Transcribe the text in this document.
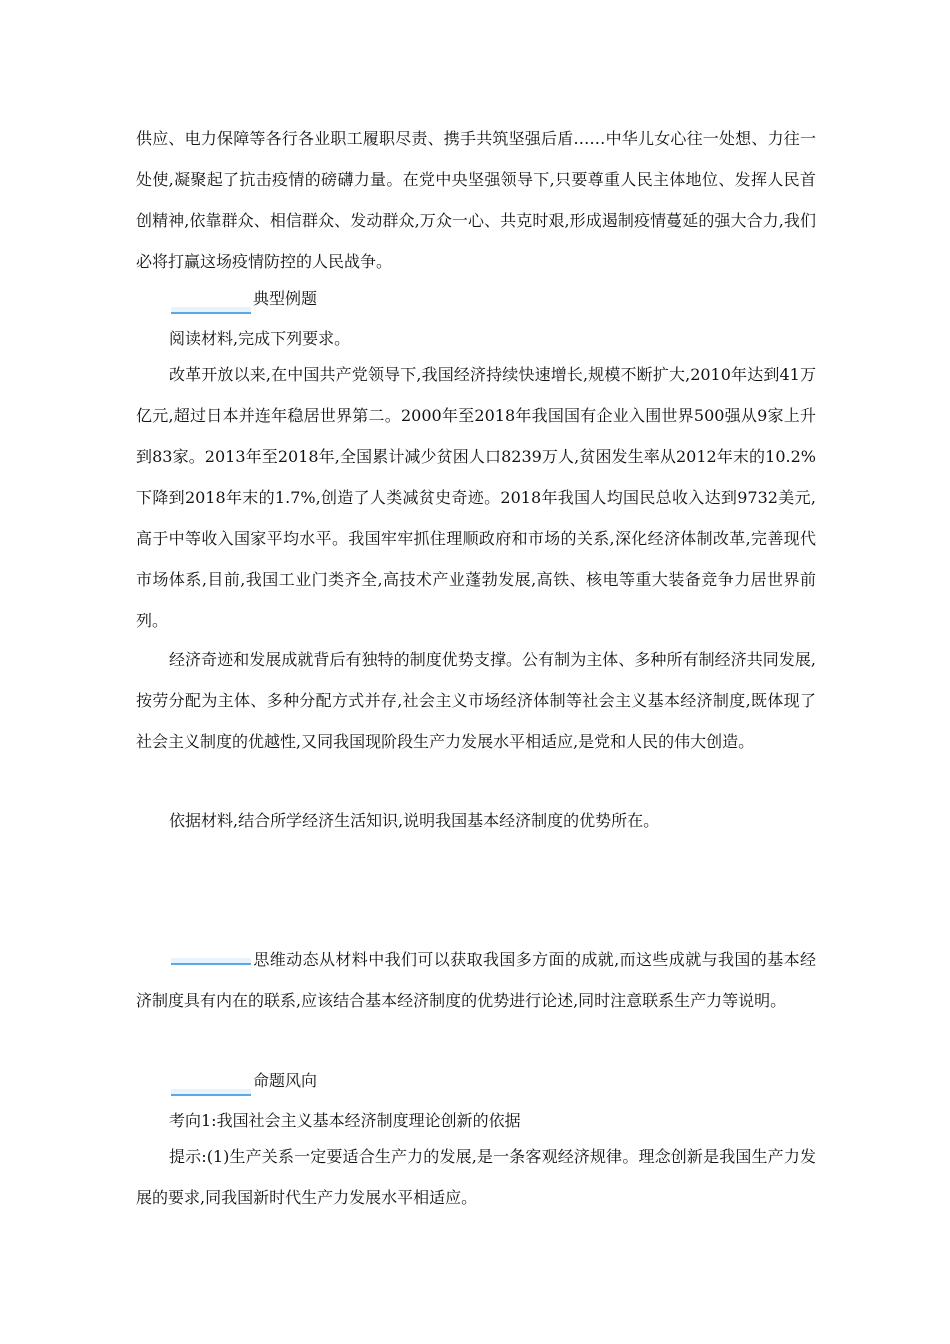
供应、电力保障等各行各业职工履职尽责、携手共筑坚强后盾……中华儿女心往一处想、力往一处使,凝聚起了抗击疫情的磅礴力量。在党中央坚强领导下,只要尊重人民主体地位、发挥人民首创精神,依靠群众、相信群众、发动群众,万众一心、共克时艰,形成遏制疫情蔓延的强大合力,我们必将打赢这场疫情防控的人民战争。

典型例题

阅读材料,完成下列要求。

改革开放以来,在中国共产党领导下,我国经济持续快速增长,规模不断扩大,2010年达到41万亿元,超过日本并连年稳居世界第二。2000年至2018年我国国有企业入围世界500强从9家上升到83家。2013年至2018年,全国累计减少贫困人口8239万人,贫困发生率从2012年末的10.2%下降到2018年末的1.7%,创造了人类减贫史奇迹。2018年我国人均国民总收入达到9732美元,高于中等收入国家平均水平。我国牢牢抓住理顺政府和市场的关系,深化经济体制改革,完善现代市场体系,目前,我国工业门类齐全,高技术产业蓬勃发展,高铁、核电等重大装备竞争力居世界前列。

经济奇迹和发展成就背后有独特的制度优势支撑。公有制为主体、多种所有制经济共同发展,按劳分配为主体、多种分配方式并存,社会主义市场经济体制等社会主义基本经济制度,既体现了社会主义制度的优越性,又同我国现阶段生产力发展水平相适应,是党和人民的伟大创造。

依据材料,结合所学经济生活知识,说明我国基本经济制度的优势所在。

思维动态从材料中我们可以获取我国多方面的成就,而这些成就与我国的基本经济制度具有内在的联系,应该结合基本经济制度的优势进行论述,同时注意联系生产力等说明。

命题风向

考向1:我国社会主义基本经济制度理论创新的依据

提示:(1)生产关系一定要适合生产力的发展,是一条客观经济规律。理念创新是我国生产力发展的要求,同我国新时代生产力发展水平相适应。
